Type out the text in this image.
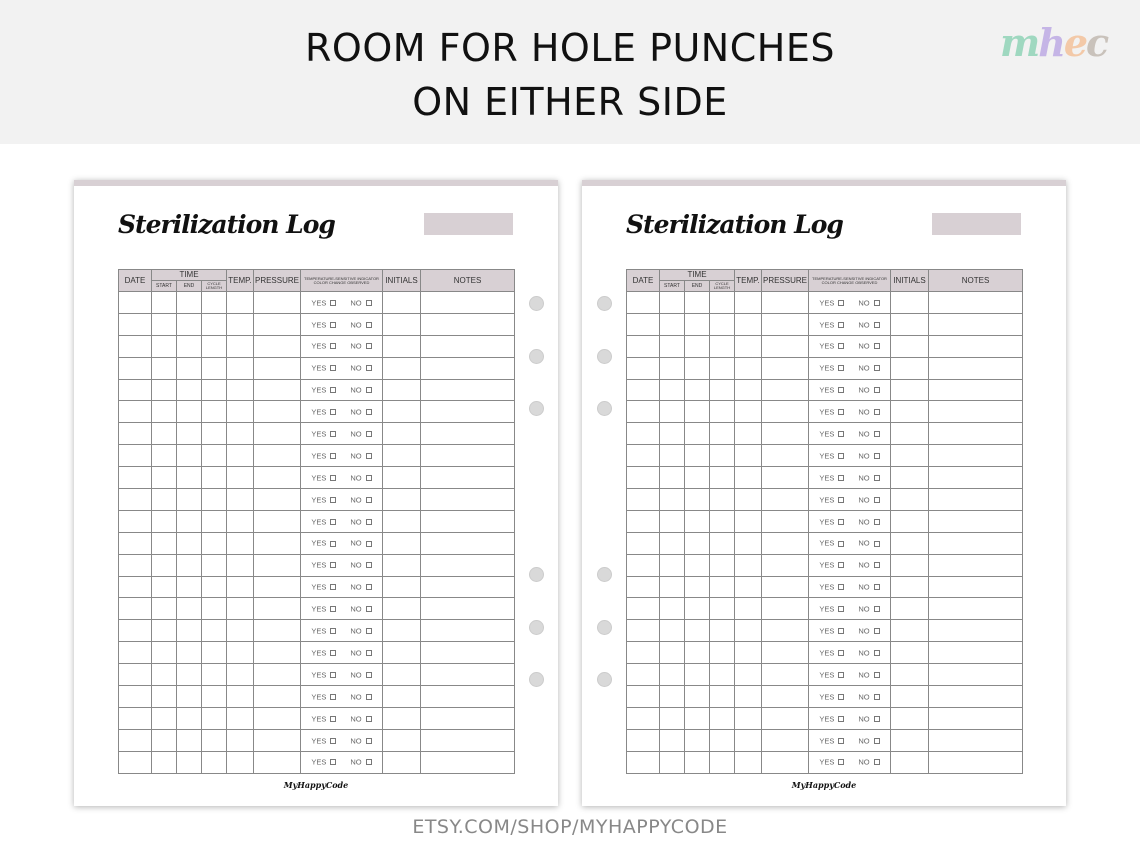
ROOM FOR HOLE PUNCHES
ON EITHER SIDE
mhec
Sterilization Log
DATE	TIME			TEMP.	PRESSURE	TEMPERATURE-SENSITIVE INDICATOR COLOR CHANGE OBSERVED	INITIALS	NOTES
	START	END	CYCLE LENGTH					
						YES NO		
						YES NO		
						YES NO		
						YES NO		
						YES NO		
						YES NO		
						YES NO		
						YES NO		
						YES NO		
						YES NO		
						YES NO		
						YES NO		
						YES NO		
						YES NO		
						YES NO		
						YES NO		
						YES NO		
						YES NO		
						YES NO		
						YES NO		
						YES NO		
						YES NO		
MyHappyCode
Sterilization Log
DATE	TIME			TEMP.	PRESSURE	TEMPERATURE-SENSITIVE INDICATOR COLOR CHANGE OBSERVED	INITIALS	NOTES
	START	END	CYCLE LENGTH					
						YES NO		
						YES NO		
						YES NO		
						YES NO		
						YES NO		
						YES NO		
						YES NO		
						YES NO		
						YES NO		
						YES NO		
						YES NO		
						YES NO		
						YES NO		
						YES NO		
						YES NO		
						YES NO		
						YES NO		
						YES NO		
						YES NO		
						YES NO		
						YES NO		
						YES NO		
MyHappyCode
ETSY.COM/SHOP/MYHAPPYCODE
